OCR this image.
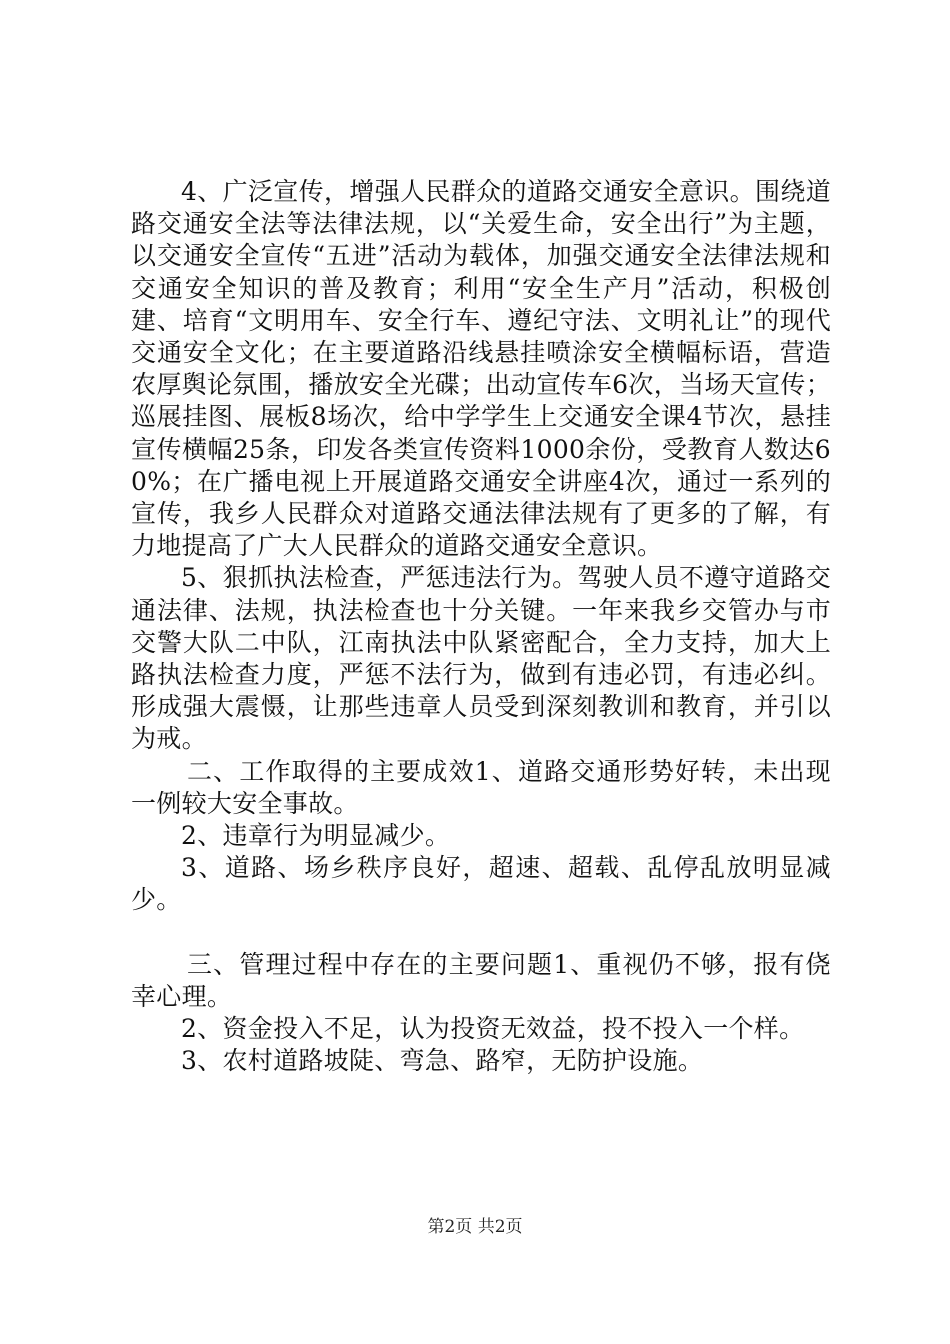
4、广泛宣传，增强人民群众的道路交通安全意识。围绕道路交通安全法等法律法规，以“关爱生命，安全出行”为主题，以交通安全宣传“五进”活动为载体，加强交通安全法律法规和交通安全知识的普及教育；利用“安全生产月”活动，积极创建、培育“文明用车、安全行车、遵纪守法、文明礼让”的现代交通安全文化；在主要道路沿线悬挂喷涂安全横幅标语，营造农厚舆论氛围，播放安全光碟；出动宣传车6次，当场天宣传；巡展挂图、展板8场次，给中学学生上交通安全课4节次，悬挂宣传横幅25条，印发各类宣传资料1000余份，受教育人数达60%；在广播电视上开展道路交通安全讲座4次，通过一系列的宣传，我乡人民群众对道路交通法律法规有了更多的了解，有力地提高了广大人民群众的道路交通安全意识。

5、狠抓执法检查，严惩违法行为。驾驶人员不遵守道路交通法律、法规，执法检查也十分关键。一年来我乡交管办与市交警大队二中队，江南执法中队紧密配合，全力支持，加大上路执法检查力度，严惩不法行为，做到有违必罚，有违必纠。形成强大震慑，让那些违章人员受到深刻教训和教育，并引以为戒。

二、工作取得的主要成效1、道路交通形势好转，未出现一例较大安全事故。

2、违章行为明显减少。

3、道路、场乡秩序良好，超速、超载、乱停乱放明显减少。

三、管理过程中存在的主要问题1、重视仍不够，报有侥幸心理。

2、资金投入不足，认为投资无效益，投不投入一个样。

3、农村道路坡陡、弯急、路窄，无防护设施。

第2页 共2页
